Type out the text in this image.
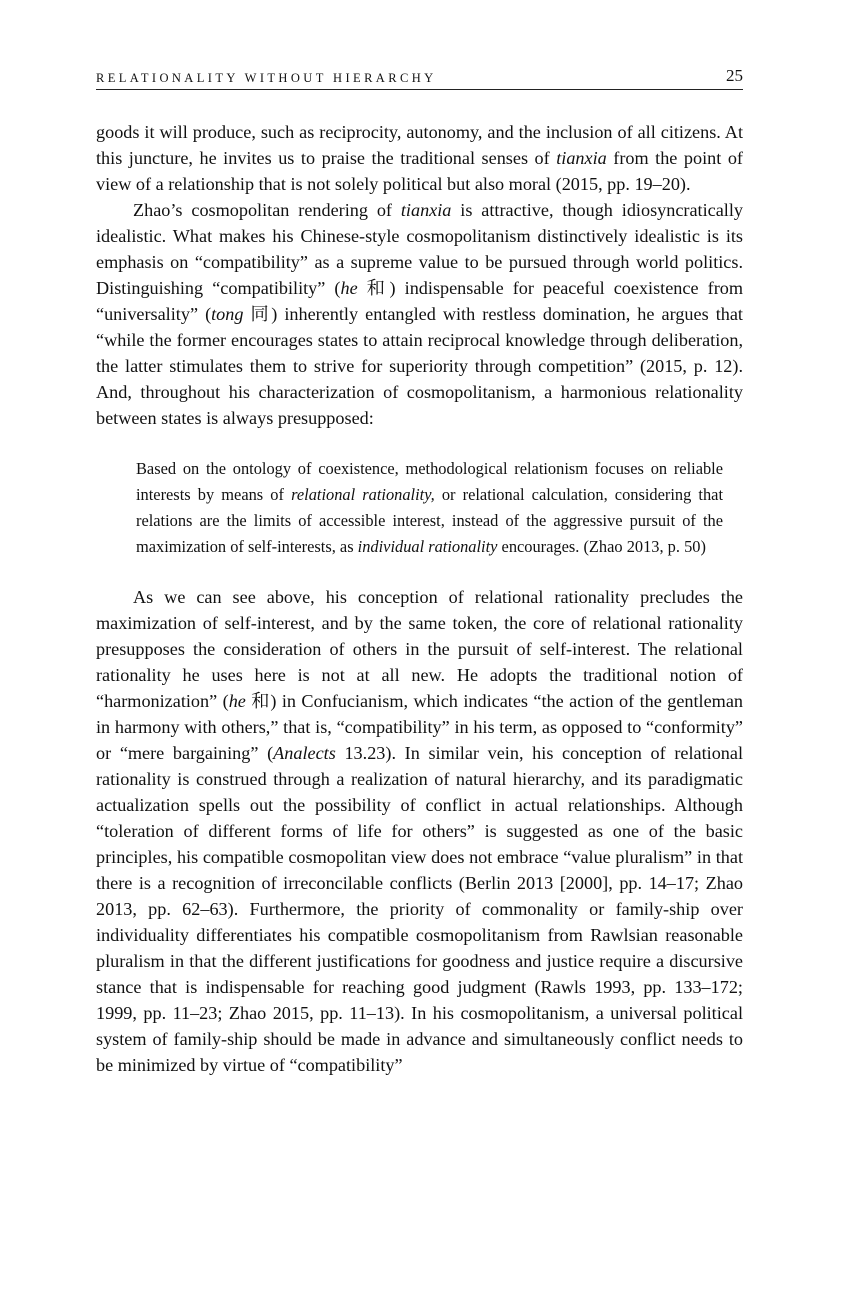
RELATIONALITY WITHOUT HIERARCHY	25

goods it will produce, such as reciprocity, autonomy, and the inclusion of all citizens. At this juncture, he invites us to praise the traditional senses of tianxia from the point of view of a relationship that is not solely political but also moral (2015, pp. 19–20).

Zhao’s cosmopolitan rendering of tianxia is attractive, though idiosyncratically idealistic. What makes his Chinese-style cosmopolitanism distinctively idealistic is its emphasis on “compatibility” as a supreme value to be pursued through world politics. Distinguishing “compatibility” (he 和) indispensable for peaceful coexistence from “universality” (tong 同) inherently entangled with restless domination, he argues that “while the former encourages states to attain reciprocal knowledge through deliberation, the latter stimulates them to strive for superiority through competition” (2015, p. 12). And, throughout his characterization of cosmopolitanism, a harmonious relationality between states is always presupposed:

Based on the ontology of coexistence, methodological relationism focuses on reliable interests by means of relational rationality, or relational calculation, considering that relations are the limits of accessible interest, instead of the aggressive pursuit of the maximization of self-interests, as individual rationality encourages. (Zhao 2013, p. 50)

As we can see above, his conception of relational rationality precludes the maximization of self-interest, and by the same token, the core of relational rationality presupposes the consideration of others in the pursuit of self-interest. The relational rationality he uses here is not at all new. He adopts the traditional notion of “harmonization” (he 和) in Confucianism, which indicates “the action of the gentleman in harmony with others,” that is, “compatibility” in his term, as opposed to “conformity” or “mere bargaining” (Analects 13.23). In similar vein, his conception of relational rationality is construed through a realization of natural hierarchy, and its paradigmatic actualization spells out the possibility of conflict in actual relationships. Although “toleration of different forms of life for others” is suggested as one of the basic principles, his compatible cosmopolitan view does not embrace “value pluralism” in that there is a recognition of irreconcilable conflicts (Berlin 2013 [2000], pp. 14–17; Zhao 2013, pp. 62–63). Furthermore, the priority of commonality or family-ship over individuality differentiates his compatible cosmopolitanism from Rawlsian reasonable pluralism in that the different justifications for goodness and justice require a discursive stance that is indispensable for reaching good judgment (Rawls 1993, pp. 133–172; 1999, pp. 11–23; Zhao 2015, pp. 11–13). In his cosmopolitanism, a universal political system of family-ship should be made in advance and simultaneously conflict needs to be minimized by virtue of “compatibility”
